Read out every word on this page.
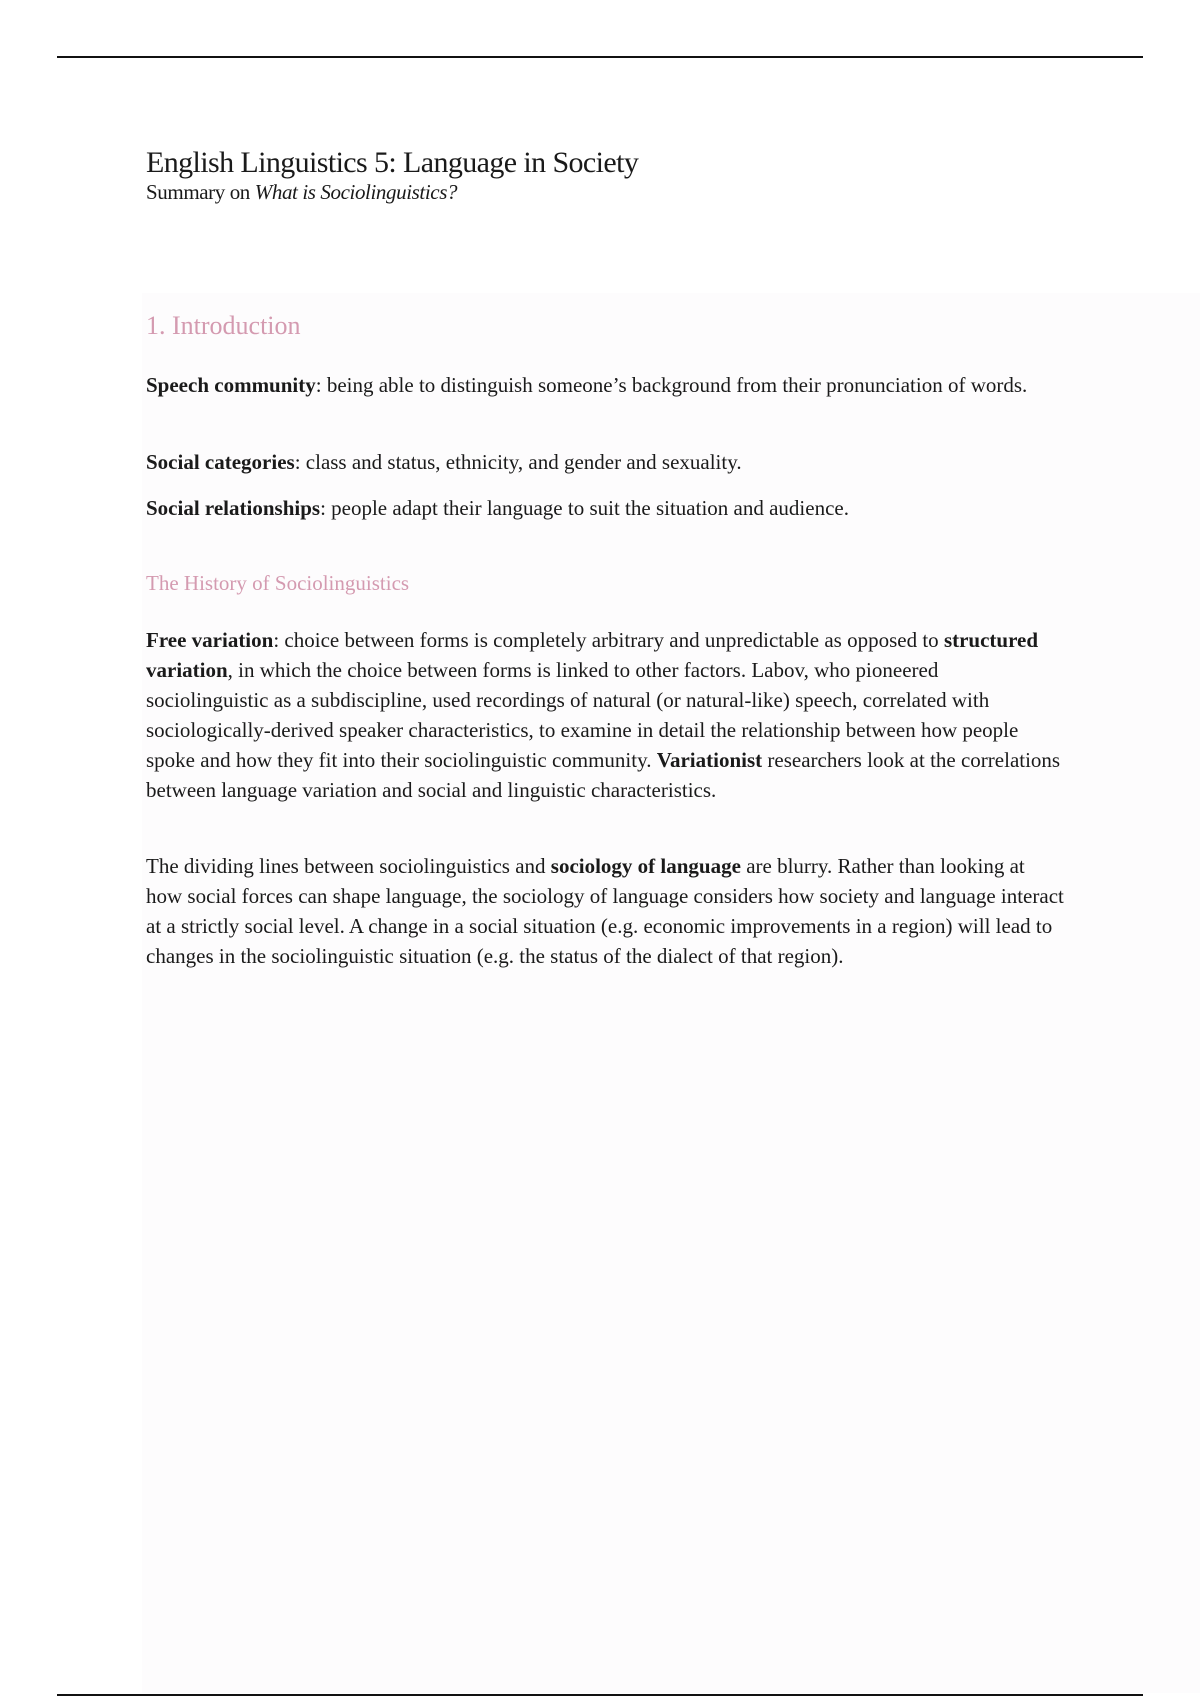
English Linguistics 5: Language in Society

Summary on What is Sociolinguistics?

1. Introduction

Speech community: being able to distinguish someone’s background from their pronunciation of words.

Social categories: class and status, ethnicity, and gender and sexuality.

Social relationships: people adapt their language to suit the situation and audience.

The History of Sociolinguistics

Free variation: choice between forms is completely arbitrary and unpredictable as opposed to structured variation, in which the choice between forms is linked to other factors. Labov, who pioneered sociolinguistic as a subdiscipline, used recordings of natural (or natural-like) speech, correlated with sociologically-derived speaker characteristics, to examine in detail the relationship between how people spoke and how they fit into their sociolinguistic community. Variationist researchers look at the correlations between language variation and social and linguistic characteristics.

The dividing lines between sociolinguistics and sociology of language are blurry. Rather than looking at how social forces can shape language, the sociology of language considers how society and language interact at a strictly social level. A change in a social situation (e.g. economic improvements in a region) will lead to changes in the sociolinguistic situation (e.g. the status of the dialect of that region).
